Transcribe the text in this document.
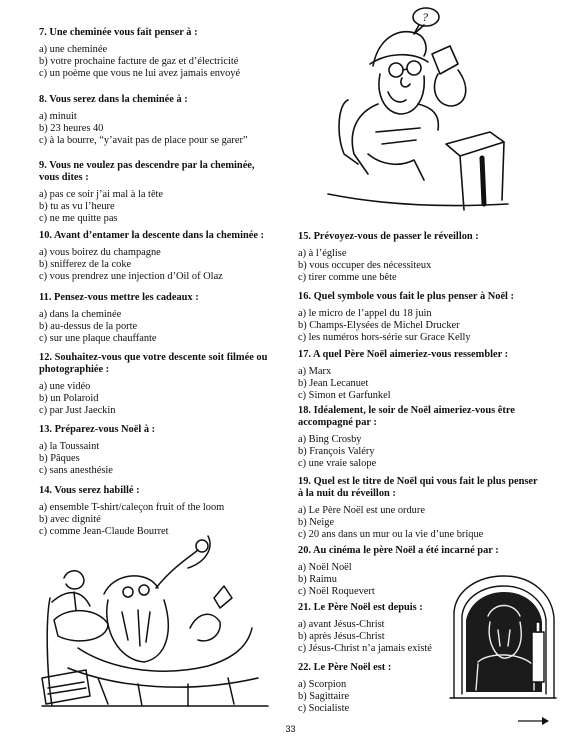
7. Une cheminée vous fait penser à :
a) une cheminée
b) votre prochaine facture de gaz et d’électricité
c) un poème que vous ne lui avez jamais envoyé
8. Vous serez dans la cheminée à :
a) minuit
b) 23 heures 40
c) à la bourre, “y’avait pas de place pour se garer”
9. Vous ne voulez pas descendre par la cheminée, vous dites :
a) pas ce soir j’ai mal à la tête
b) tu as vu l’heure
c) ne me quitte pas
10. Avant d’entamer la descente dans la cheminée :
a) vous boirez du champagne
b) snifferez de la coke
c) vous prendrez une injection d’Oil of Olaz
11. Pensez-vous mettre les cadeaux :
a) dans la cheminée
b) au-dessus de la porte
c) sur une plaque chauffante
12. Souhaitez-vous que votre descente soit filmée ou photographiée :
a) une vidéo
b) un Polaroid
c) par Just Jaeckin
13. Préparez-vous Noël à :
a) la Toussaint
b) Pâques
c) sans anesthésie
14. Vous serez habillé :
a) ensemble T-shirt/caleçon fruit of the loom
b) avec dignité
c) comme Jean-Claude Bourret
15. Prévoyez-vous de passer le réveillon :
a) à l’église
b) vous occuper des nécessiteux
c) tirer comme une bête
16. Quel symbole vous fait le plus penser à Noël :
a) le micro de l’appel du 18 juin
b) Champs-Elysées de Michel Drucker
c) les numéros hors-série sur Grace Kelly
17. A quel Père Noël aimeriez-vous ressembler :
a) Marx
b) Jean Lecanuet
c) Simon et Garfunkel
18. Idéalement, le soir de Noël aimeriez-vous être accompagné par :
a) Bing Crosby
b) François Valéry
c) une vraie salope
19. Quel est le titre de Noël qui vous fait le plus penser à la nuit du réveillon :
a) Le Père Noël est une ordure
b) Neige
c) 20 ans dans un mur ou la vie d’une brique
20. Au cinéma le père Noël a été incarné par :
a) Noël Noël
b) Raimu
c) Noël Roquevert
21. Le Père Noël est depuis :
a) avant Jésus-Christ
b) après Jésus-Christ
c) Jésus-Christ n’a jamais existé
22. Le Père Noël est :
a) Scorpion
b) Sagittaire
c) Socialiste
?
33
